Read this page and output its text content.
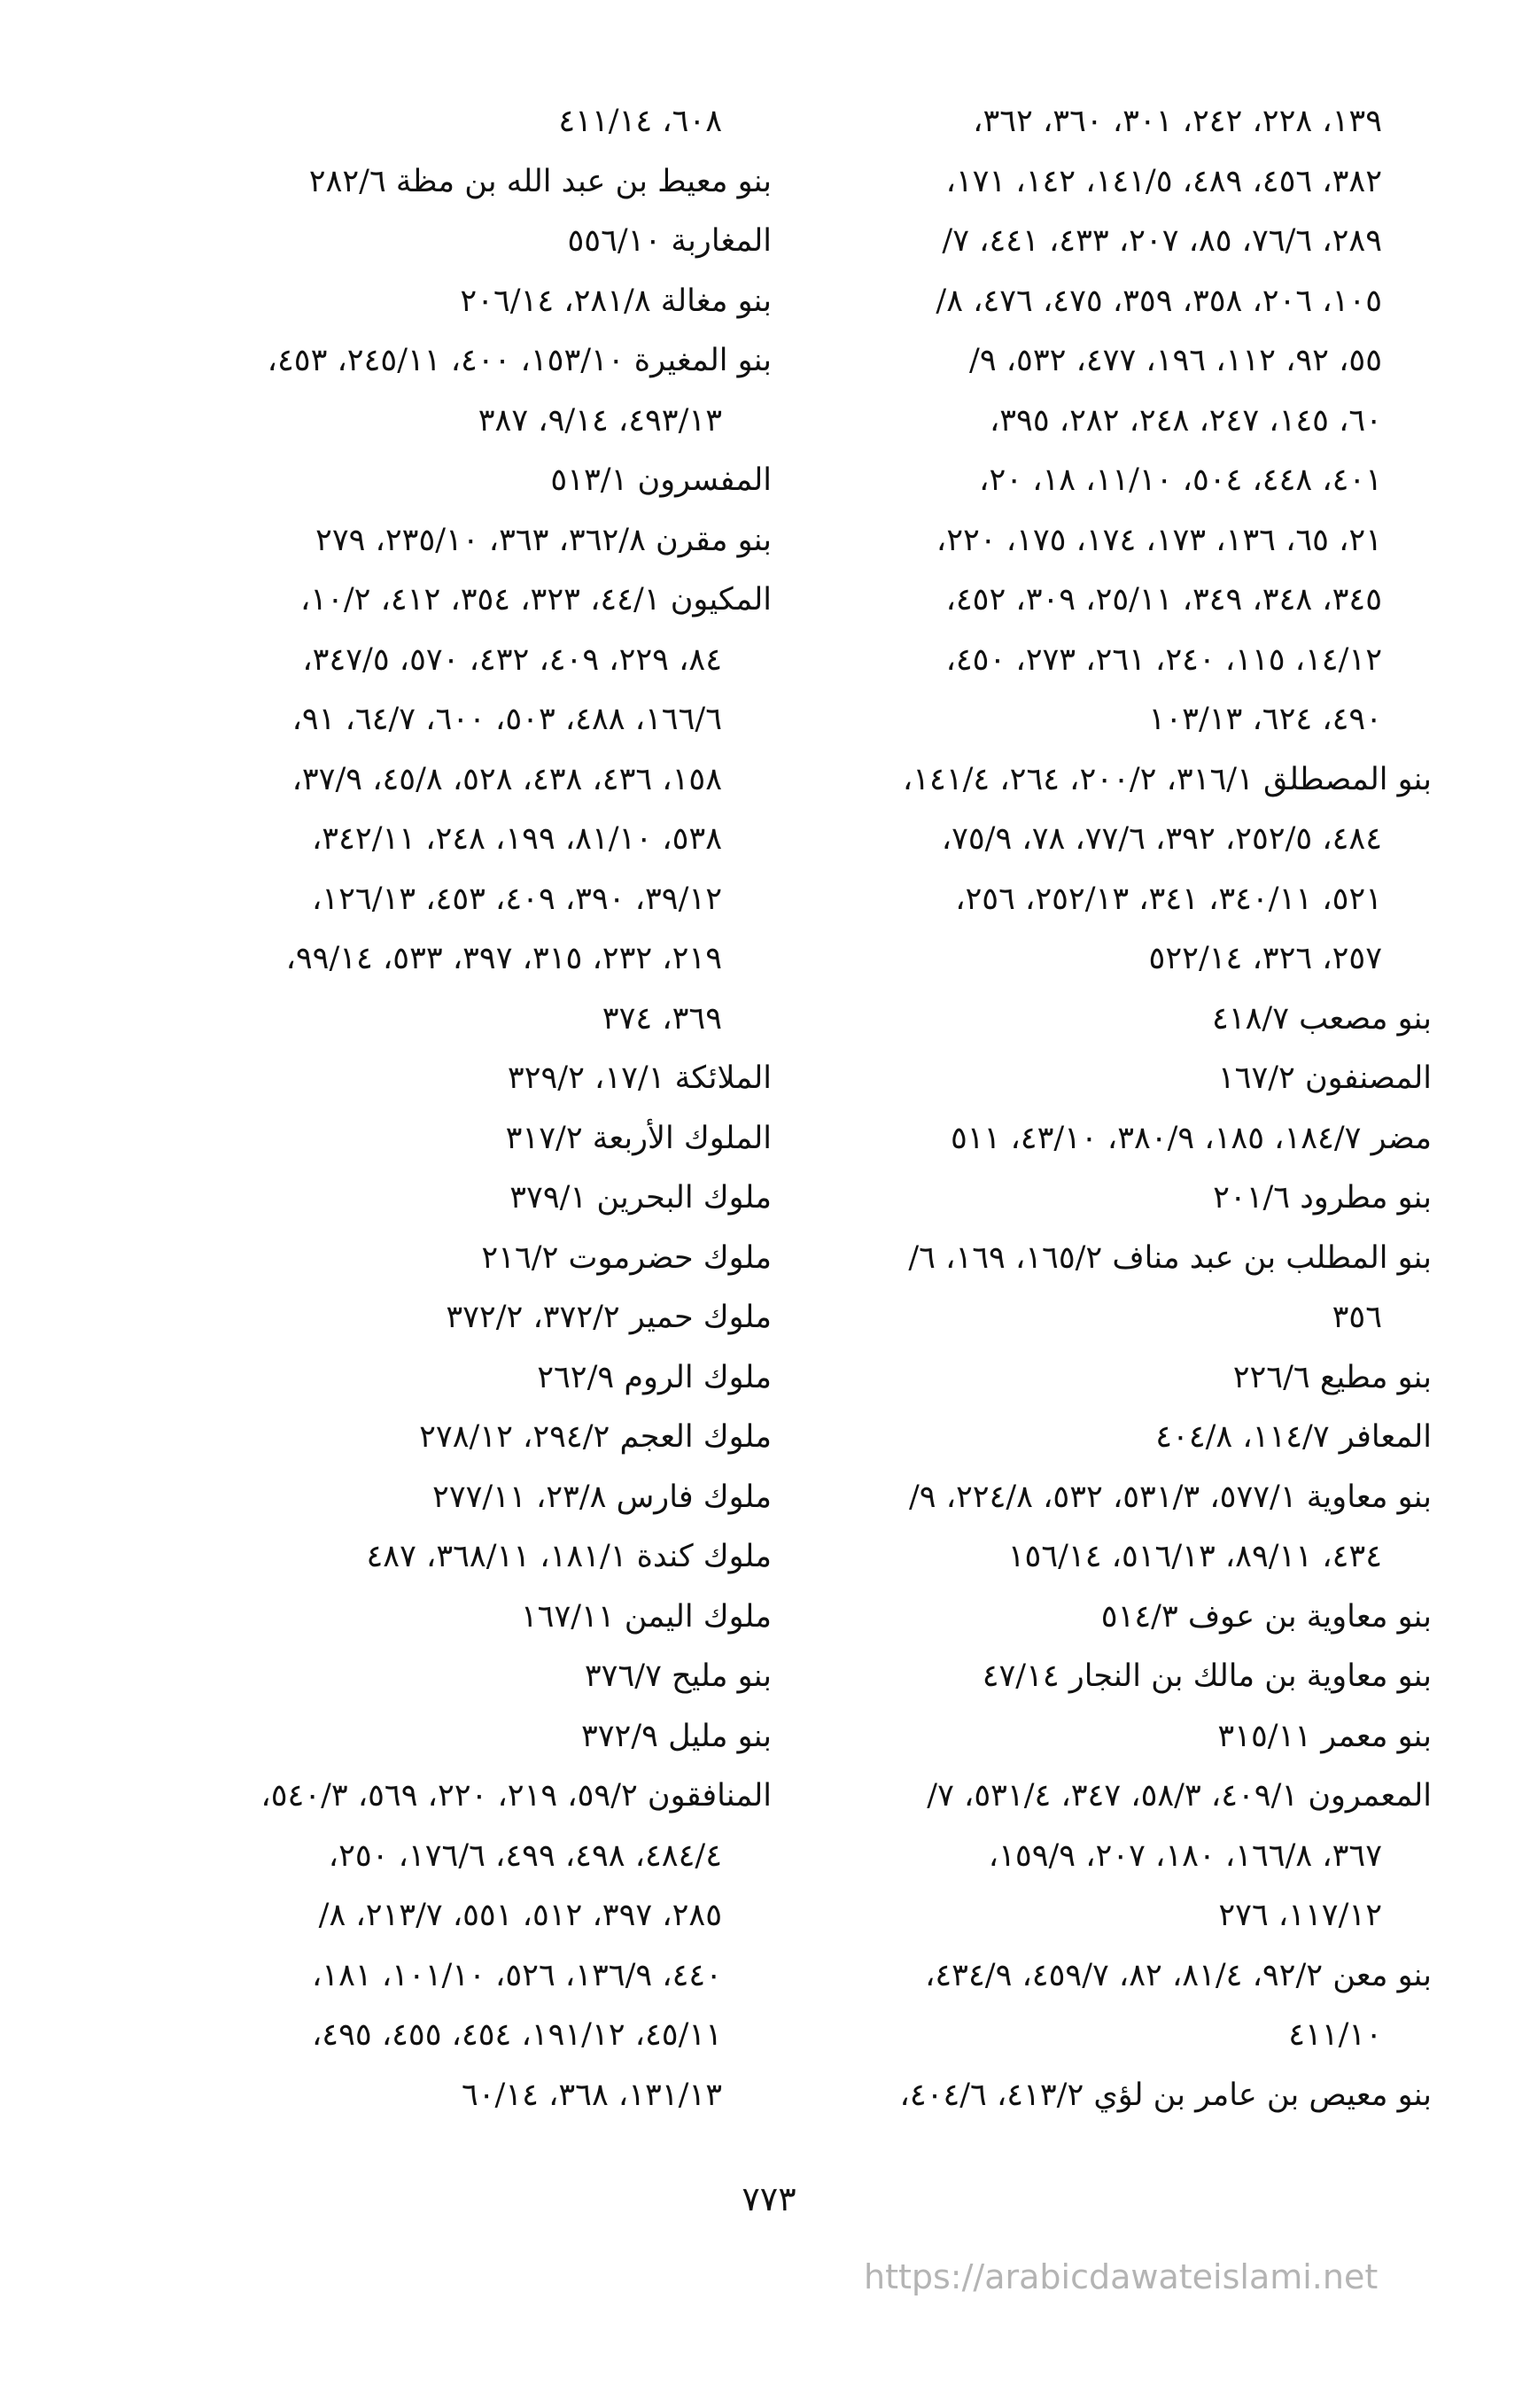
١٣٩، ٢٢٨، ٢٤٢، ٣٠١، ٣٦٠، ٣٦٢،
٣٨٢، ٤٥٦، ٤٨٩، ١٤١/٥، ١٤٢، ١٧١،
٢٨٩، ٧٦/٦، ٨٥، ٢٠٧، ٤٣٣، ٤٤١، ٧/
١٠٥، ٢٠٦، ٣٥٨، ٣٥٩، ٤٧٥، ٤٧٦، ٨/
٥٥، ٩٢، ١١٢، ١٩٦، ٤٧٧، ٥٣٢، ٩/
٦٠، ١٤٥، ٢٤٧، ٢٤٨، ٢٨٢، ٣٩٥،
٤٠١، ٤٤٨، ٥٠٤، ١١/١٠، ١٨، ٢٠،
٢١، ٦٥، ١٣٦، ١٧٣، ١٧٤، ١٧٥، ٢٢٠،
٣٤٥، ٣٤٨، ٣٤٩، ٢٥/١١، ٣٠٩، ٤٥٢،
١٤/١٢، ١١٥، ٢٤٠، ٢٦١، ٢٧٣، ٤٥٠،
٤٩٠، ٦٢٤، ١٠٣/١٣
بنو المصطلق ٣١٦/١، ٢٠٠/٢، ٢٦٤، ١٤١/٤،
٤٨٤، ٢٥٢/٥، ٣٩٢، ٧٧/٦، ٧٨، ٧٥/٩،
٥٢١، ٣٤٠/١١، ٣٤١، ٢٥٢/١٣، ٢٥٦،
٢٥٧، ٣٢٦، ٥٢٢/١٤
بنو مصعب ٤١٨/٧
المصنفون ١٦٧/٢
مضر ١٨٤/٧، ١٨٥، ٣٨٠/٩، ٤٣/١٠، ٥١١
بنو مطرود ٢٠١/٦
بنو المطلب بن عبد مناف ١٦٥/٢، ١٦٩، ٦/
٣٥٦
بنو مطيع ٢٢٦/٦
المعافر ١١٤/٧، ٤٠٤/٨
بنو معاوية ٥٧٧/١، ٥٣١/٣، ٥٣٢، ٢٢٤/٨، ٩/
٤٣٤، ٨٩/١١، ٥١٦/١٣، ١٥٦/١٤
بنو معاوية بن عوف ٥١٤/٣
بنو معاوية بن مالك بن النجار ٤٧/١٤
بنو معمر ٣١٥/١١
المعمرون ٤٠٩/١، ٥٨/٣، ٣٤٧، ٥٣١/٤، ٧/
٣٦٧، ١٦٦/٨، ١٨٠، ٢٠٧، ١٥٩/٩،
١١٧/١٢، ٢٧٦
بنو معن ٩٢/٢، ٨١/٤، ٨٢، ٤٥٩/٧، ٤٣٤/٩،
٤١١/١٠
بنو معيص بن عامر بن لؤي ٤١٣/٢، ٤٠٤/٦،
٦٠٨، ٤١١/١٤
بنو معيط بن عبد الله بن مظة ٢٨٢/٦
المغاربة ٥٥٦/١٠
بنو مغالة ٢٨١/٨، ٢٠٦/١٤
بنو المغيرة ١٥٣/١٠، ٤٠٠، ٢٤٥/١١، ٤٥٣،
٤٩٣/١٣، ٩/١٤، ٣٨٧
المفسرون ٥١٣/١
بنو مقرن ٣٦٢/٨، ٣٦٣، ٢٣٥/١٠، ٢٧٩
المكيون ٤٤/١، ٣٢٣، ٣٥٤، ٤١٢، ١٠/٢،
٨٤، ٢٢٩، ٤٠٩، ٤٣٢، ٥٧٠، ٣٤٧/٥،
١٦٦/٦، ٤٨٨، ٥٠٣، ٦٠٠، ٦٤/٧، ٩١،
١٥٨، ٤٣٦، ٤٣٨، ٥٢٨، ٤٥/٨، ٣٧/٩،
٥٣٨، ٨١/١٠، ١٩٩، ٢٤٨، ٣٤٢/١١،
٣٩/١٢، ٣٩٠، ٤٠٩، ٤٥٣، ١٢٦/١٣،
٢١٩، ٢٣٢، ٣١٥، ٣٩٧، ٥٣٣، ٩٩/١٤،
٣٦٩، ٣٧٤
الملائكة ١٧/١، ٣٢٩/٢
الملوك الأربعة ٣١٧/٢
ملوك البحرين ٣٧٩/١
ملوك حضرموت ٢١٦/٢
ملوك حمير ٣٧٢/٢، ٣٧٢/٢
ملوك الروم ٢٦٢/٩
ملوك العجم ٢٩٤/٢، ٢٧٨/١٢
ملوك فارس ٢٣/٨، ٢٧٧/١١
ملوك كندة ١٨١/١، ٣٦٨/١١، ٤٨٧
ملوك اليمن ١٦٧/١١
بنو مليح ٣٧٦/٧
بنو مليل ٣٧٢/٩
المنافقون ٥٩/٢، ٢١٩، ٢٢٠، ٥٦٩، ٥٤٠/٣،
٤٨٤/٤، ٤٩٨، ٤٩٩، ١٧٦/٦، ٢٥٠،
٢٨٥، ٣٩٧، ٥١٢، ٥٥١، ٢١٣/٧، ٨/
٤٤٠، ١٣٦/٩، ٥٢٦، ١٠١/١٠، ١٨١،
٤٥/١١، ١٩١/١٢، ٤٥٤، ٤٥٥، ٤٩٥،
١٣١/١٣، ٣٦٨، ٦٠/١٤
٧٧٣
https://arabicdawateislami.net
